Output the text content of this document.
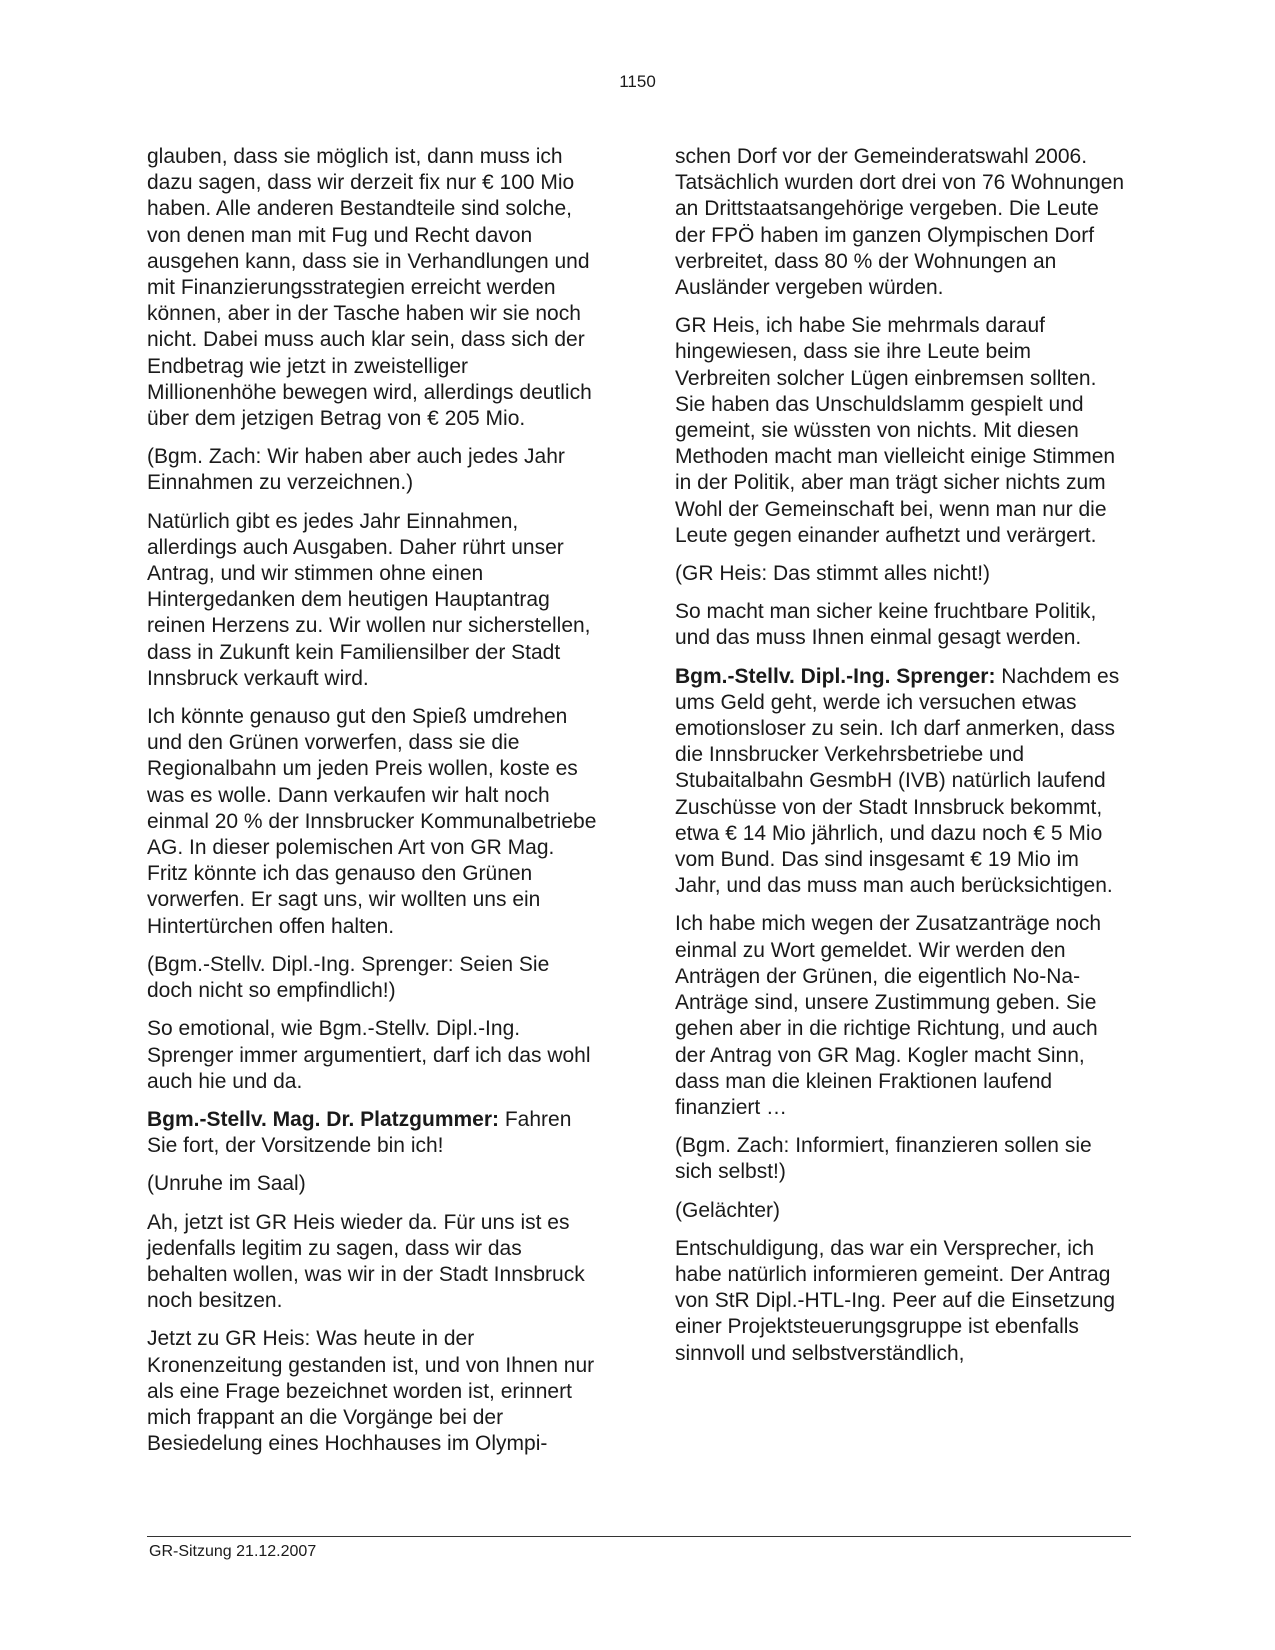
1150

glauben, dass sie möglich ist, dann muss ich dazu sagen, dass wir derzeit fix nur € 100 Mio haben. Alle anderen Bestandteile sind solche, von denen man mit Fug und Recht davon ausgehen kann, dass sie in Verhandlungen und mit Finanzierungsstrategien erreicht werden können, aber in der Tasche haben wir sie noch nicht. Dabei muss auch klar sein, dass sich der Endbetrag wie jetzt in zweistelliger Millionenhöhe bewegen wird, allerdings deutlich über dem jetzigen Betrag von € 205 Mio.

(Bgm. Zach: Wir haben aber auch jedes Jahr Einnahmen zu verzeichnen.)

Natürlich gibt es jedes Jahr Einnahmen, allerdings auch Ausgaben. Daher rührt unser Antrag, und wir stimmen ohne einen Hintergedanken dem heutigen Hauptantrag reinen Herzens zu. Wir wollen nur sicherstellen, dass in Zukunft kein Familiensilber der Stadt Innsbruck verkauft wird.

Ich könnte genauso gut den Spieß umdrehen und den Grünen vorwerfen, dass sie die Regionalbahn um jeden Preis wollen, koste es was es wolle. Dann verkaufen wir halt noch einmal 20 % der Innsbrucker Kommunalbetriebe AG. In dieser polemischen Art von GR Mag. Fritz könnte ich das genauso den Grünen vorwerfen. Er sagt uns, wir wollten uns ein Hintertürchen offen halten.

(Bgm.-Stellv. Dipl.-Ing. Sprenger: Seien Sie doch nicht so empfindlich!)

So emotional, wie Bgm.-Stellv. Dipl.-Ing. Sprenger immer argumentiert, darf ich das wohl auch hie und da.

Bgm.-Stellv. Mag. Dr. Platzgummer: Fahren Sie fort, der Vorsitzende bin ich!

(Unruhe im Saal)

Ah, jetzt ist GR Heis wieder da. Für uns ist es jedenfalls legitim zu sagen, dass wir das behalten wollen, was wir in der Stadt Innsbruck noch besitzen.

Jetzt zu GR Heis: Was heute in der Kronenzeitung gestanden ist, und von Ihnen nur als eine Frage bezeichnet worden ist, erinnert mich frappant an die Vorgänge bei der Besiedelung eines Hochhauses im Olympi-

schen Dorf vor der Gemeinderatswahl 2006. Tatsächlich wurden dort drei von 76 Wohnungen an Drittstaatsangehörige vergeben. Die Leute der FPÖ haben im ganzen Olympischen Dorf verbreitet, dass 80 % der Wohnungen an Ausländer vergeben würden.

GR Heis, ich habe Sie mehrmals darauf hingewiesen, dass sie ihre Leute beim Verbreiten solcher Lügen einbremsen sollten. Sie haben das Unschuldslamm gespielt und gemeint, sie wüssten von nichts. Mit diesen Methoden macht man vielleicht einige Stimmen in der Politik, aber man trägt sicher nichts zum Wohl der Gemeinschaft bei, wenn man nur die Leute gegen einander aufhetzt und verärgert.

(GR Heis: Das stimmt alles nicht!)

So macht man sicher keine fruchtbare Politik, und das muss Ihnen einmal gesagt werden.

Bgm.-Stellv. Dipl.-Ing. Sprenger: Nachdem es ums Geld geht, werde ich versuchen etwas emotionsloser zu sein. Ich darf anmerken, dass die Innsbrucker Verkehrsbetriebe und Stubaitalbahn GesmbH (IVB) natürlich laufend Zuschüsse von der Stadt Innsbruck bekommt, etwa € 14 Mio jährlich, und dazu noch € 5 Mio vom Bund. Das sind insgesamt € 19 Mio im Jahr, und das muss man auch berücksichtigen.

Ich habe mich wegen der Zusatzanträge noch einmal zu Wort gemeldet. Wir werden den Anträgen der Grünen, die eigentlich No-Na-Anträge sind, unsere Zustimmung geben. Sie gehen aber in die richtige Richtung, und auch der Antrag von GR Mag. Kogler macht Sinn, dass man die kleinen Fraktionen laufend finanziert …

(Bgm. Zach: Informiert, finanzieren sollen sie sich selbst!)

(Gelächter)

Entschuldigung, das war ein Versprecher, ich habe natürlich informieren gemeint. Der Antrag von StR Dipl.-HTL-Ing. Peer auf die Einsetzung einer Projektsteuerungsgruppe ist ebenfalls sinnvoll und selbstverständlich,

GR-Sitzung 21.12.2007
